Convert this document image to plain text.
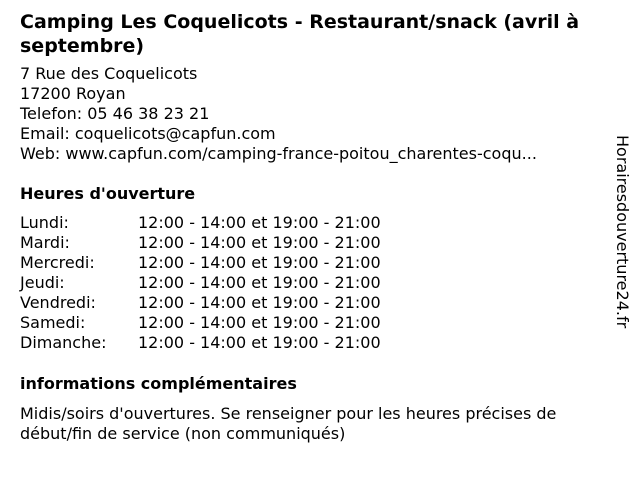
Camping Les Coquelicots - Restaurant/snack (avril à septembre)
7 Rue des Coquelicots
17200 Royan
Telefon: 05 46 38 23 21
Email: coquelicots@capfun.com
Web: www.capfun.com/camping-france-poitou_charentes-coqu...
Heures d'ouverture
Lundi:	12:00 - 14:00 et 19:00 - 21:00
Mardi:	12:00 - 14:00 et 19:00 - 21:00
Mercredi:	12:00 - 14:00 et 19:00 - 21:00
Jeudi:	12:00 - 14:00 et 19:00 - 21:00
Vendredi:	12:00 - 14:00 et 19:00 - 21:00
Samedi:	12:00 - 14:00 et 19:00 - 21:00
Dimanche:	12:00 - 14:00 et 19:00 - 21:00
informations complémentaires
Midis/soirs d'ouvertures. Se renseigner pour les heures précises de début/fin de service (non communiqués)
Horairesdouverture24.fr
